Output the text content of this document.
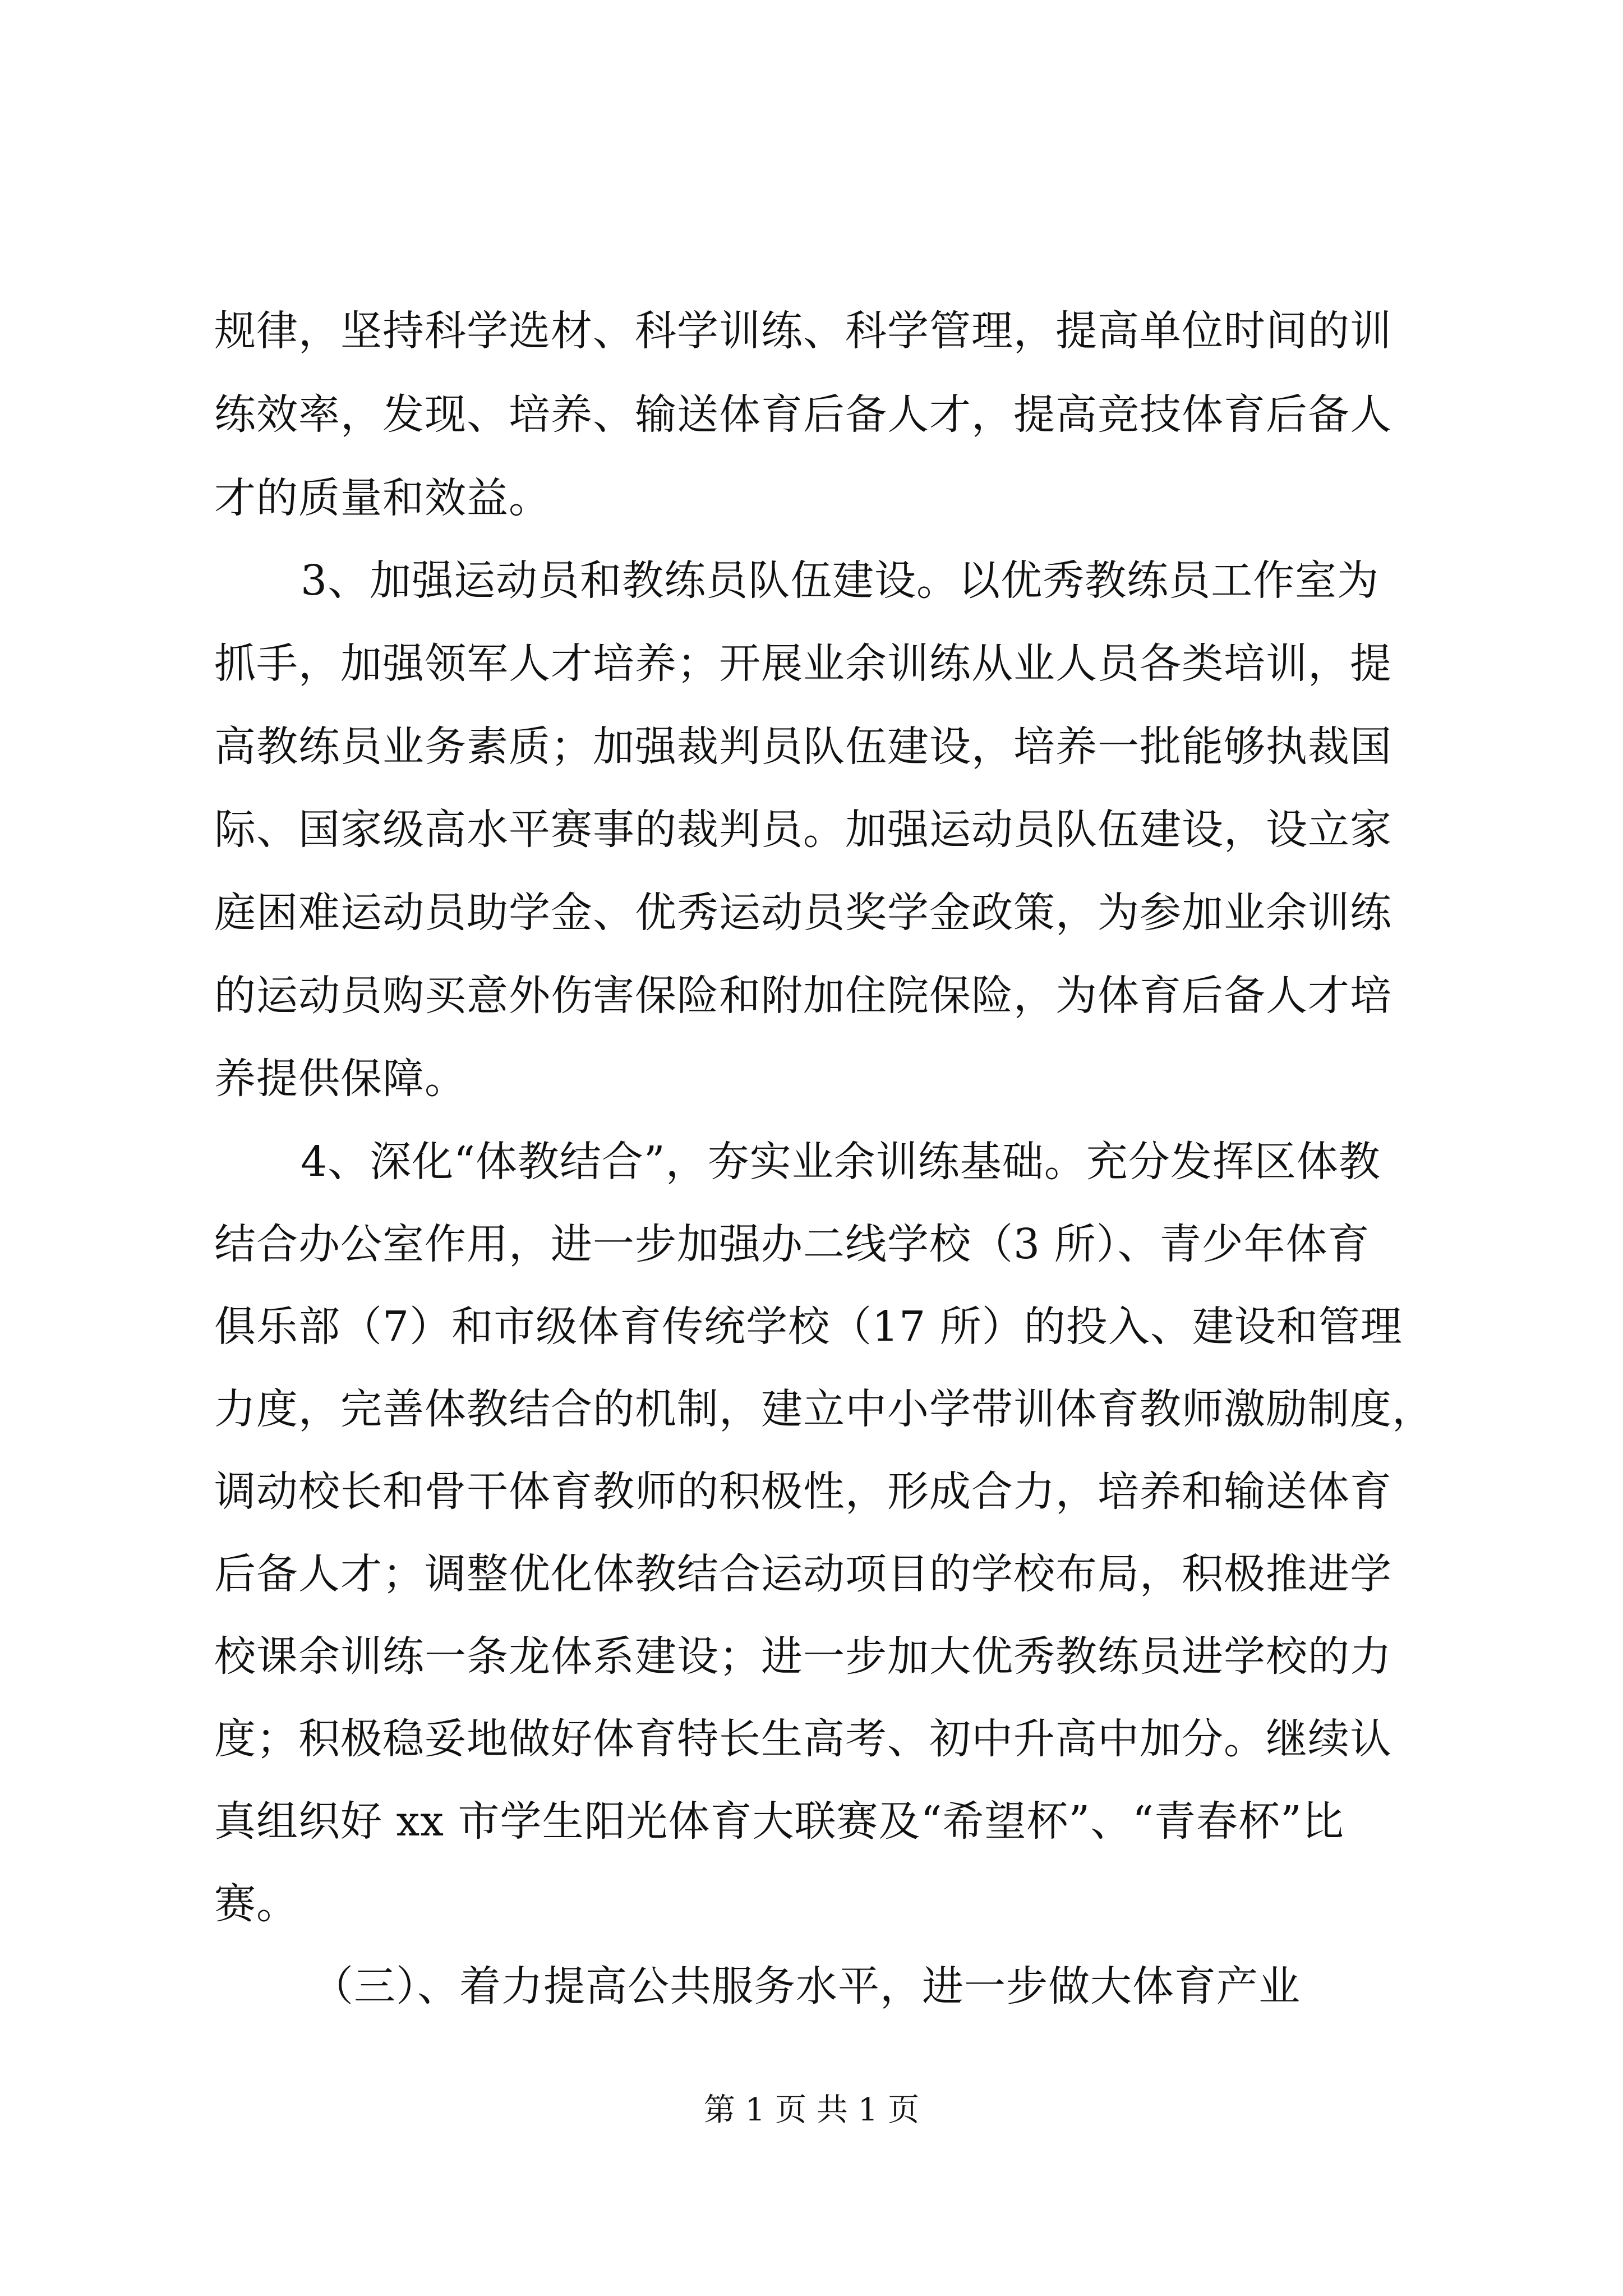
规律，坚持科学选材、科学训练、科学管理，提高单位时间的训
练效率，发现、培养、输送体育后备人才，提高竞技体育后备人
才的质量和效益。
3、加强运动员和教练员队伍建设。以优秀教练员工作室为
抓手，加强领军人才培养；开展业余训练从业人员各类培训，提
高教练员业务素质；加强裁判员队伍建设，培养一批能够执裁国
际、国家级高水平赛事的裁判员。加强运动员队伍建设，设立家
庭困难运动员助学金、优秀运动员奖学金政策，为参加业余训练
的运动员购买意外伤害保险和附加住院保险，为体育后备人才培
养提供保障。
4、深化“体教结合”，夯实业余训练基础。充分发挥区体教
结合办公室作用，进一步加强办二线学校（3 所）、青少年体育
俱乐部（7）和市级体育传统学校（17 所）的投入、建设和管理
力度，完善体教结合的机制，建立中小学带训体育教师激励制度，
调动校长和骨干体育教师的积极性，形成合力，培养和输送体育
后备人才；调整优化体教结合运动项目的学校布局，积极推进学
校课余训练一条龙体系建设；进一步加大优秀教练员进学校的力
度；积极稳妥地做好体育特长生高考、初中升高中加分。继续认
真组织好 xx 市学生阳光体育大联赛及“希望杯”、“青春杯”比
赛。
（三）、着力提高公共服务水平，进一步做大体育产业
第 1 页 共 1 页
